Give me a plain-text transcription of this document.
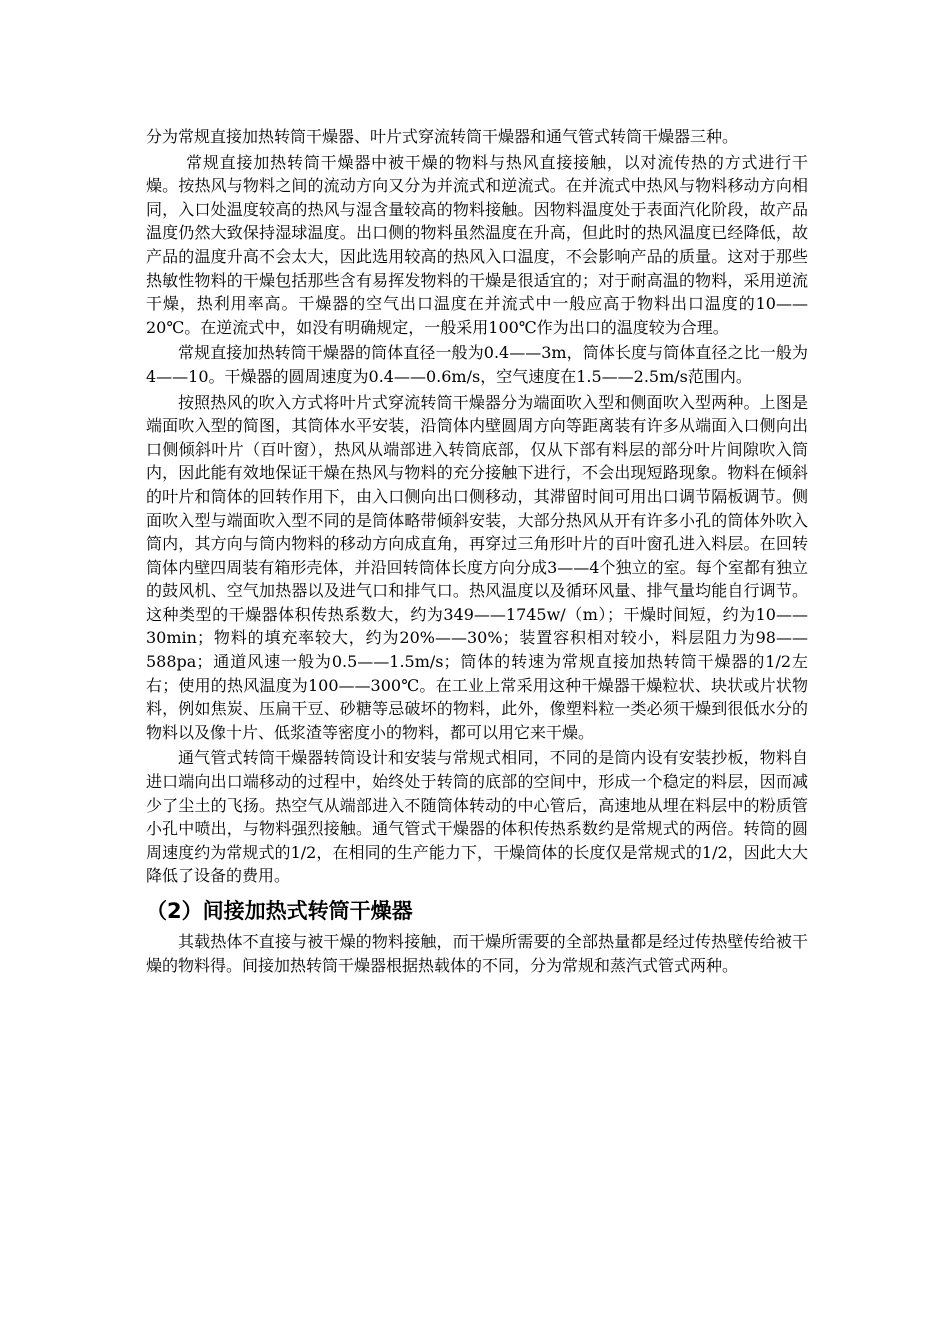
分为常规直接加热转筒干燥器、叶片式穿流转筒干燥器和通气管式转筒干燥器三种。

常规直接加热转筒干燥器中被干燥的物料与热风直接接触，以对流传热的方式进行干燥。按热风与物料之间的流动方向又分为并流式和逆流式。在并流式中热风与物料移动方向相同，入口处温度较高的热风与湿含量较高的物料接触。因物料温度处于表面汽化阶段，故产品温度仍然大致保持湿球温度。出口侧的物料虽然温度在升高，但此时的热风温度已经降低，故产品的温度升高不会太大，因此选用较高的热风入口温度，不会影响产品的质量。这对于那些热敏性物料的干燥包括那些含有易挥发物料的干燥是很适宜的；对于耐高温的物料，采用逆流干燥，热利用率高。干燥器的空气出口温度在并流式中一般应高于物料出口温度的10——20℃。在逆流式中，如没有明确规定，一般采用100℃作为出口的温度较为合理。

常规直接加热转筒干燥器的筒体直径一般为0.4——3m，筒体长度与筒体直径之比一般为4——10。干燥器的圆周速度为0.4——0.6m/s，空气速度在1.5——2.5m/s范围内。

按照热风的吹入方式将叶片式穿流转筒干燥器分为端面吹入型和侧面吹入型两种。上图是端面吹入型的简图，其筒体水平安装，沿筒体内壁圆周方向等距离装有许多从端面入口侧向出口侧倾斜叶片（百叶窗），热风从端部进入转筒底部，仅从下部有料层的部分叶片间隙吹入筒内，因此能有效地保证干燥在热风与物料的充分接触下进行，不会出现短路现象。物料在倾斜的叶片和筒体的回转作用下，由入口侧向出口侧移动，其滞留时间可用出口调节隔板调节。侧面吹入型与端面吹入型不同的是筒体略带倾斜安装，大部分热风从开有许多小孔的筒体外吹入筒内，其方向与筒内物料的移动方向成直角，再穿过三角形叶片的百叶窗孔进入料层。在回转筒体内壁四周装有箱形壳体，并沿回转筒体长度方向分成3——4个独立的室。每个室都有独立的鼓风机、空气加热器以及进气口和排气口。热风温度以及循环风量、排气量均能自行调节。这种类型的干燥器体积传热系数大，约为349——1745w/（m）；干燥时间短，约为10——30min；物料的填充率较大，约为20%——30%；装置容积相对较小，料层阻力为98——588pa；通道风速一般为0.5——1.5m/s；筒体的转速为常规直接加热转筒干燥器的1/2左右；使用的热风温度为100——300℃。在工业上常采用这种干燥器干燥粒状、块状或片状物料，例如焦炭、压扁干豆、砂糖等忌破坏的物料，此外，像塑料粒一类必须干燥到很低水分的物料以及像十片、低浆渣等密度小的物料，都可以用它来干燥。

通气管式转筒干燥器转筒设计和安装与常规式相同，不同的是筒内设有安装抄板，物料自进口端向出口端移动的过程中，始终处于转筒的底部的空间中，形成一个稳定的料层，因而减少了尘土的飞扬。热空气从端部进入不随筒体转动的中心管后，高速地从埋在料层中的粉质管小孔中喷出，与物料强烈接触。通气管式干燥器的体积传热系数约是常规式的两倍。转筒的圆周速度约为常规式的1/2，在相同的生产能力下，干燥筒体的长度仅是常规式的1/2，因此大大降低了设备的费用。

（2）间接加热式转筒干燥器

其载热体不直接与被干燥的物料接触，而干燥所需要的全部热量都是经过传热壁传给被干燥的物料得。间接加热转筒干燥器根据热载体的不同，分为常规和蒸汽式管式两种。
